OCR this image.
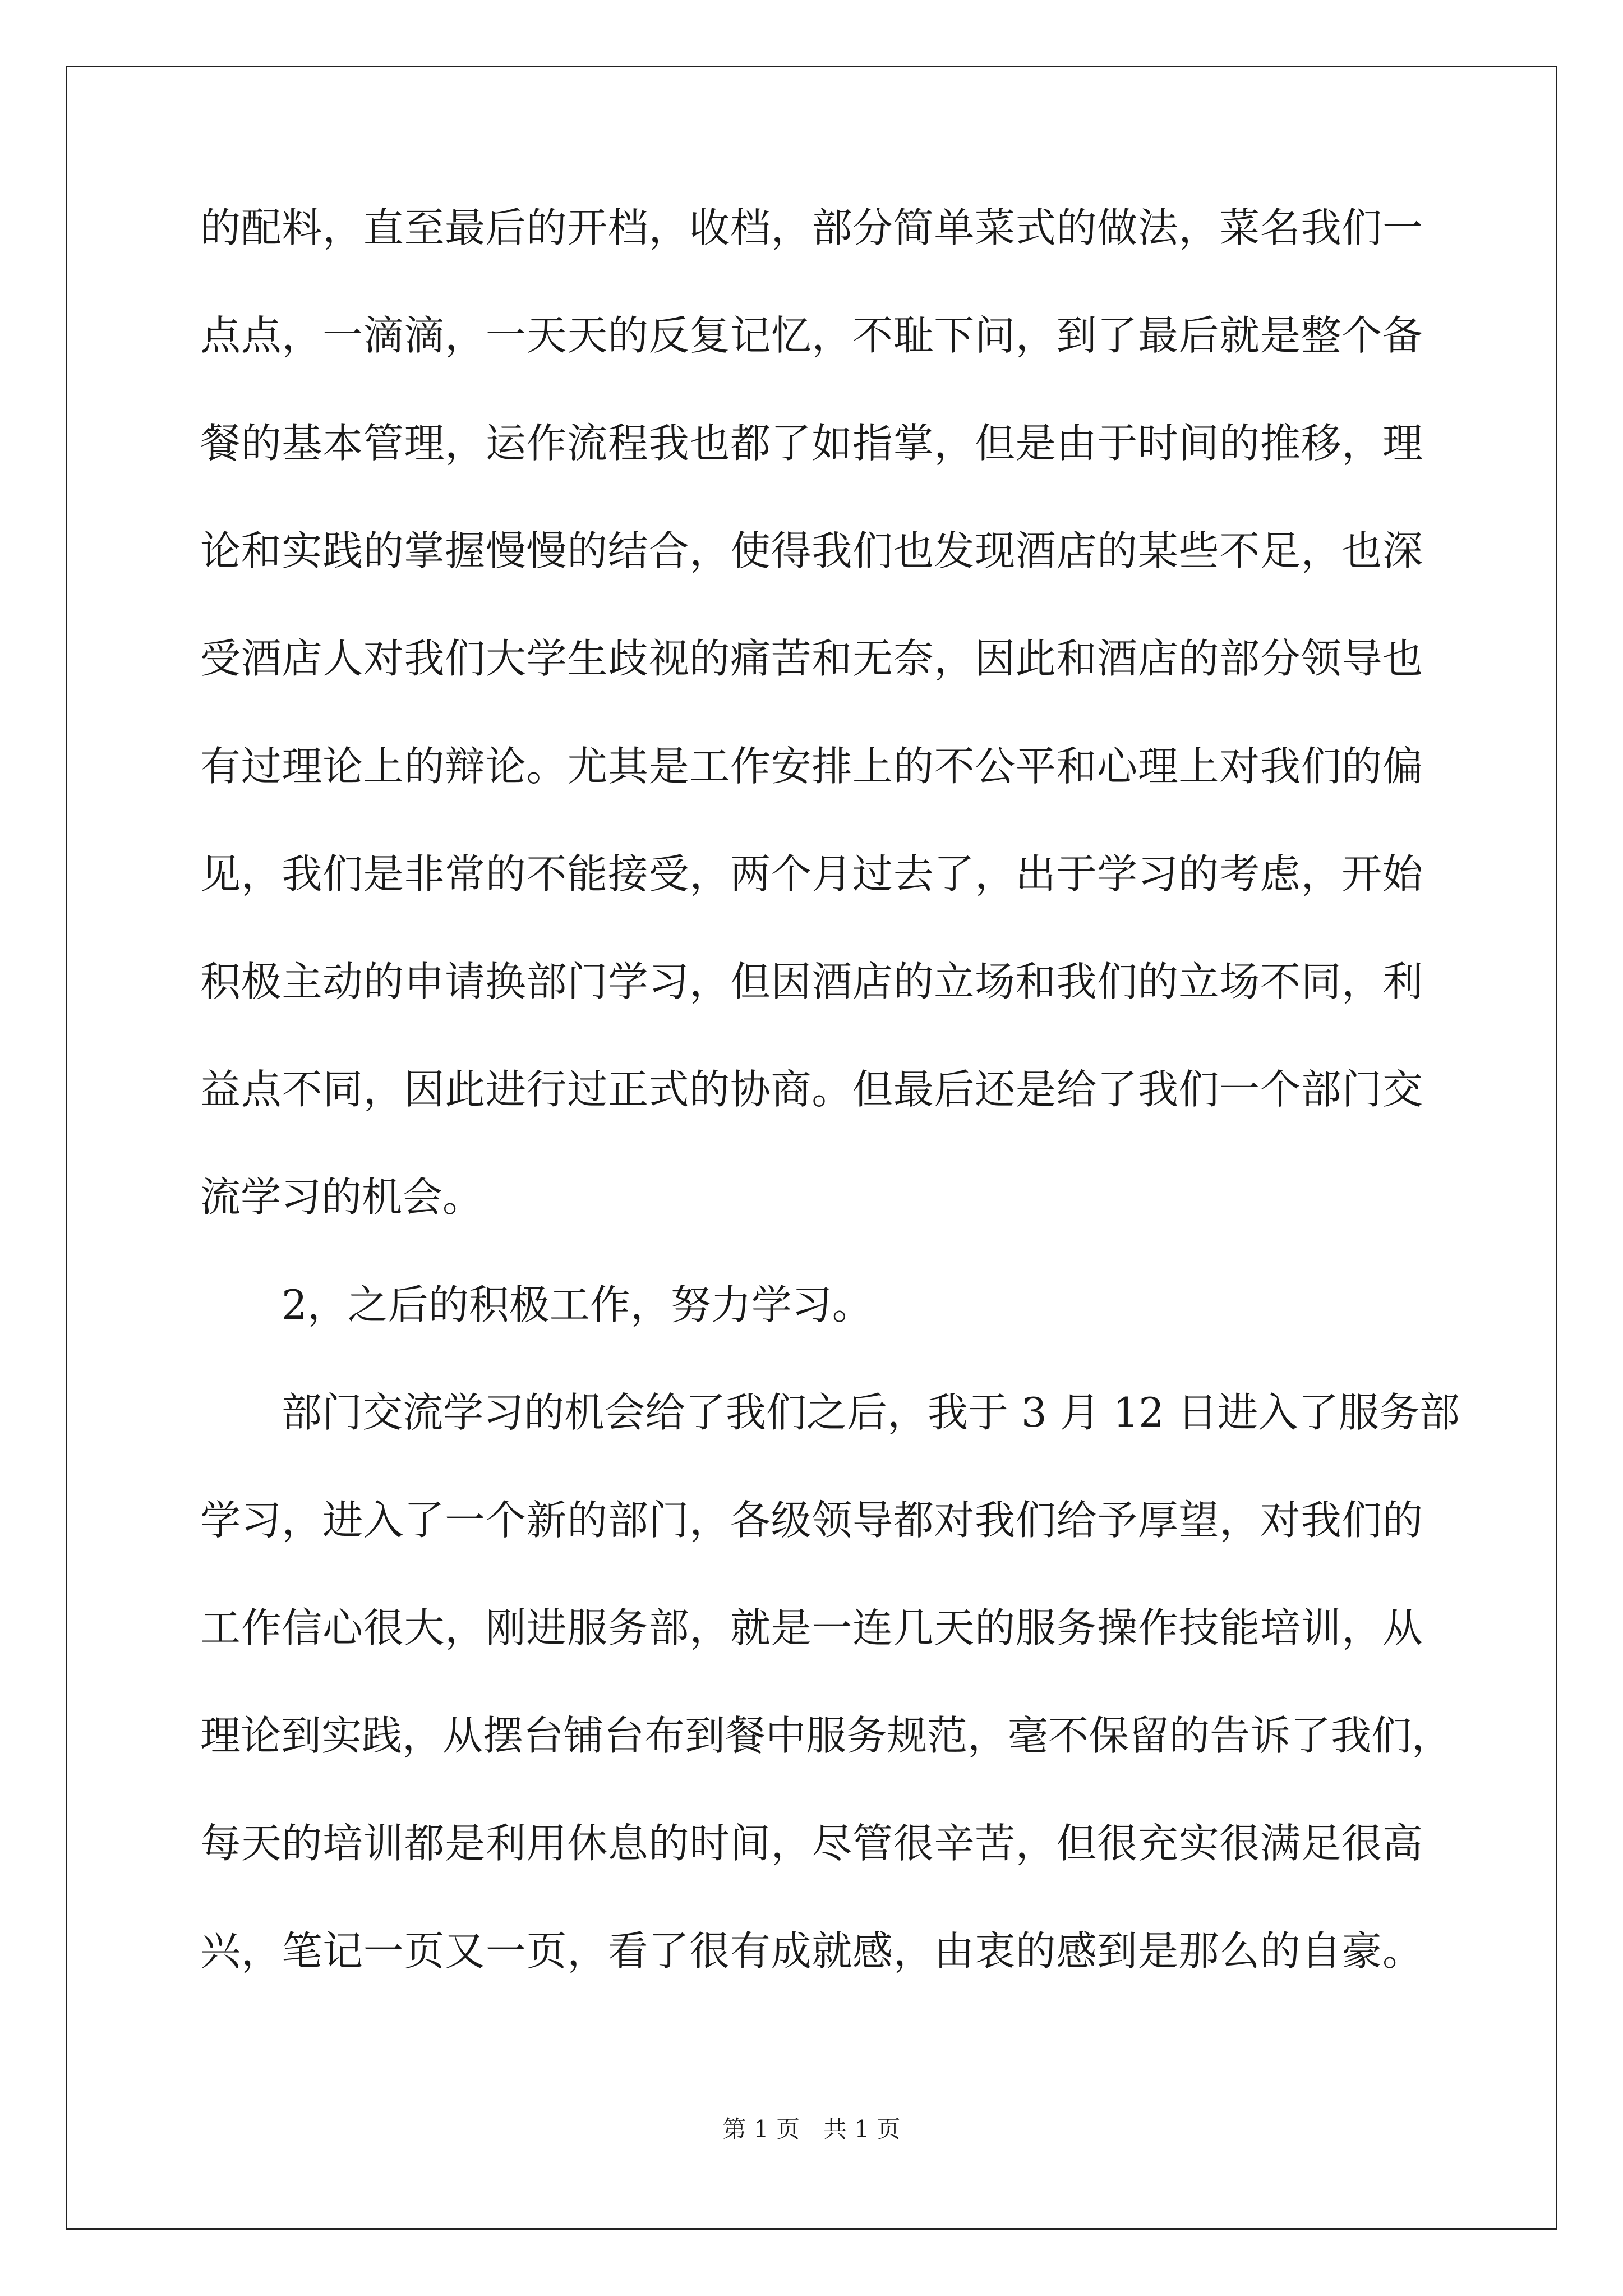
的配料，直至最后的开档，收档，部分简单菜式的做法，菜名我们一
点点，一滴滴，一天天的反复记忆，不耻下问，到了最后就是整个备
餐的基本管理，运作流程我也都了如指掌，但是由于时间的推移，理
论和实践的掌握慢慢的结合，使得我们也发现酒店的某些不足，也深
受酒店人对我们大学生歧视的痛苦和无奈，因此和酒店的部分领导也
有过理论上的辩论。尤其是工作安排上的不公平和心理上对我们的偏
见，我们是非常的不能接受，两个月过去了，出于学习的考虑，开始
积极主动的申请换部门学习，但因酒店的立场和我们的立场不同，利
益点不同，因此进行过正式的协商。但最后还是给了我们一个部门交
流学习的机会。
2，之后的积极工作，努力学习。
部门交流学习的机会给了我们之后，我于 3 月 12 日进入了服务部
学习，进入了一个新的部门，各级领导都对我们给予厚望，对我们的
工作信心很大，刚进服务部，就是一连几天的服务操作技能培训，从
理论到实践，从摆台铺台布到餐中服务规范，毫不保留的告诉了我们，
每天的培训都是利用休息的时间，尽管很辛苦，但很充实很满足很高
兴，笔记一页又一页，看了很有成就感，由衷的感到是那么的自豪。
第 1 页　共 1 页
